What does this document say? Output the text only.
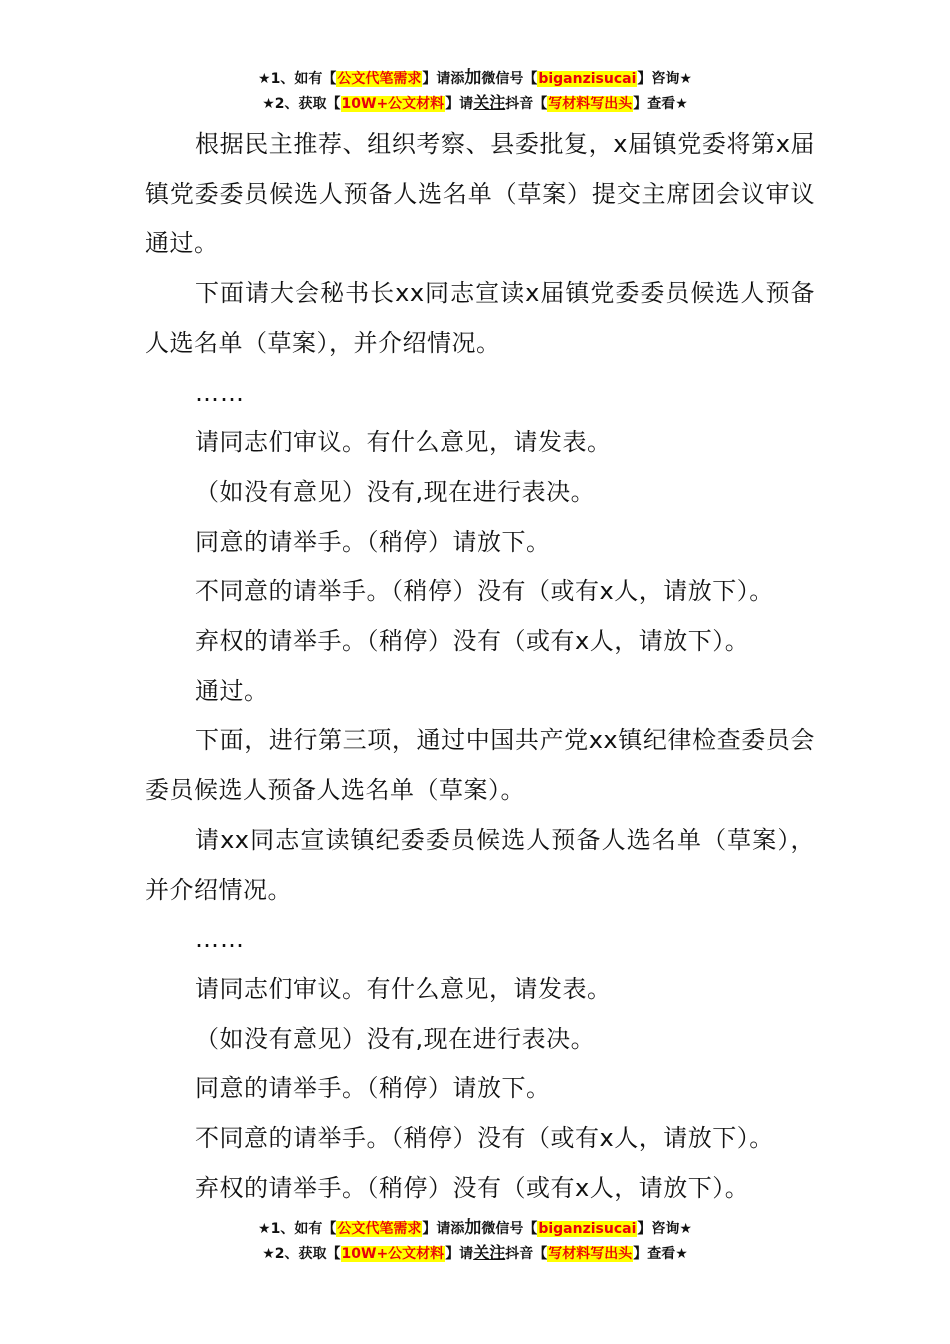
★1、如有【公文代笔需求】请添加微信号【biganzisucai】咨询★
★2、获取【10W+公文材料】请关注抖音【写材料写出头】查看★

根据民主推荐、组织考察、县委批复，x届镇党委将第x届镇党委委员候选人预备人选名单（草案）提交主席团会议审议通过。

下面请大会秘书长xx同志宣读x届镇党委委员候选人预备人选名单（草案），并介绍情况。

……

请同志们审议。有什么意见，请发表。

（如没有意见）没有,现在进行表决。

同意的请举手。（稍停）请放下。

不同意的请举手。（稍停）没有（或有x人，请放下）。

弃权的请举手。（稍停）没有（或有x人，请放下）。

通过。

下面，进行第三项，通过中国共产党xx镇纪律检查委员会委员候选人预备人选名单（草案）。

请xx同志宣读镇纪委委员候选人预备人选名单（草案），并介绍情况。

……

请同志们审议。有什么意见，请发表。

（如没有意见）没有,现在进行表决。

同意的请举手。（稍停）请放下。

不同意的请举手。（稍停）没有（或有x人，请放下）。

弃权的请举手。（稍停）没有（或有x人，请放下）。

★1、如有【公文代笔需求】请添加微信号【biganzisucai】咨询★
★2、获取【10W+公文材料】请关注抖音【写材料写出头】查看★
